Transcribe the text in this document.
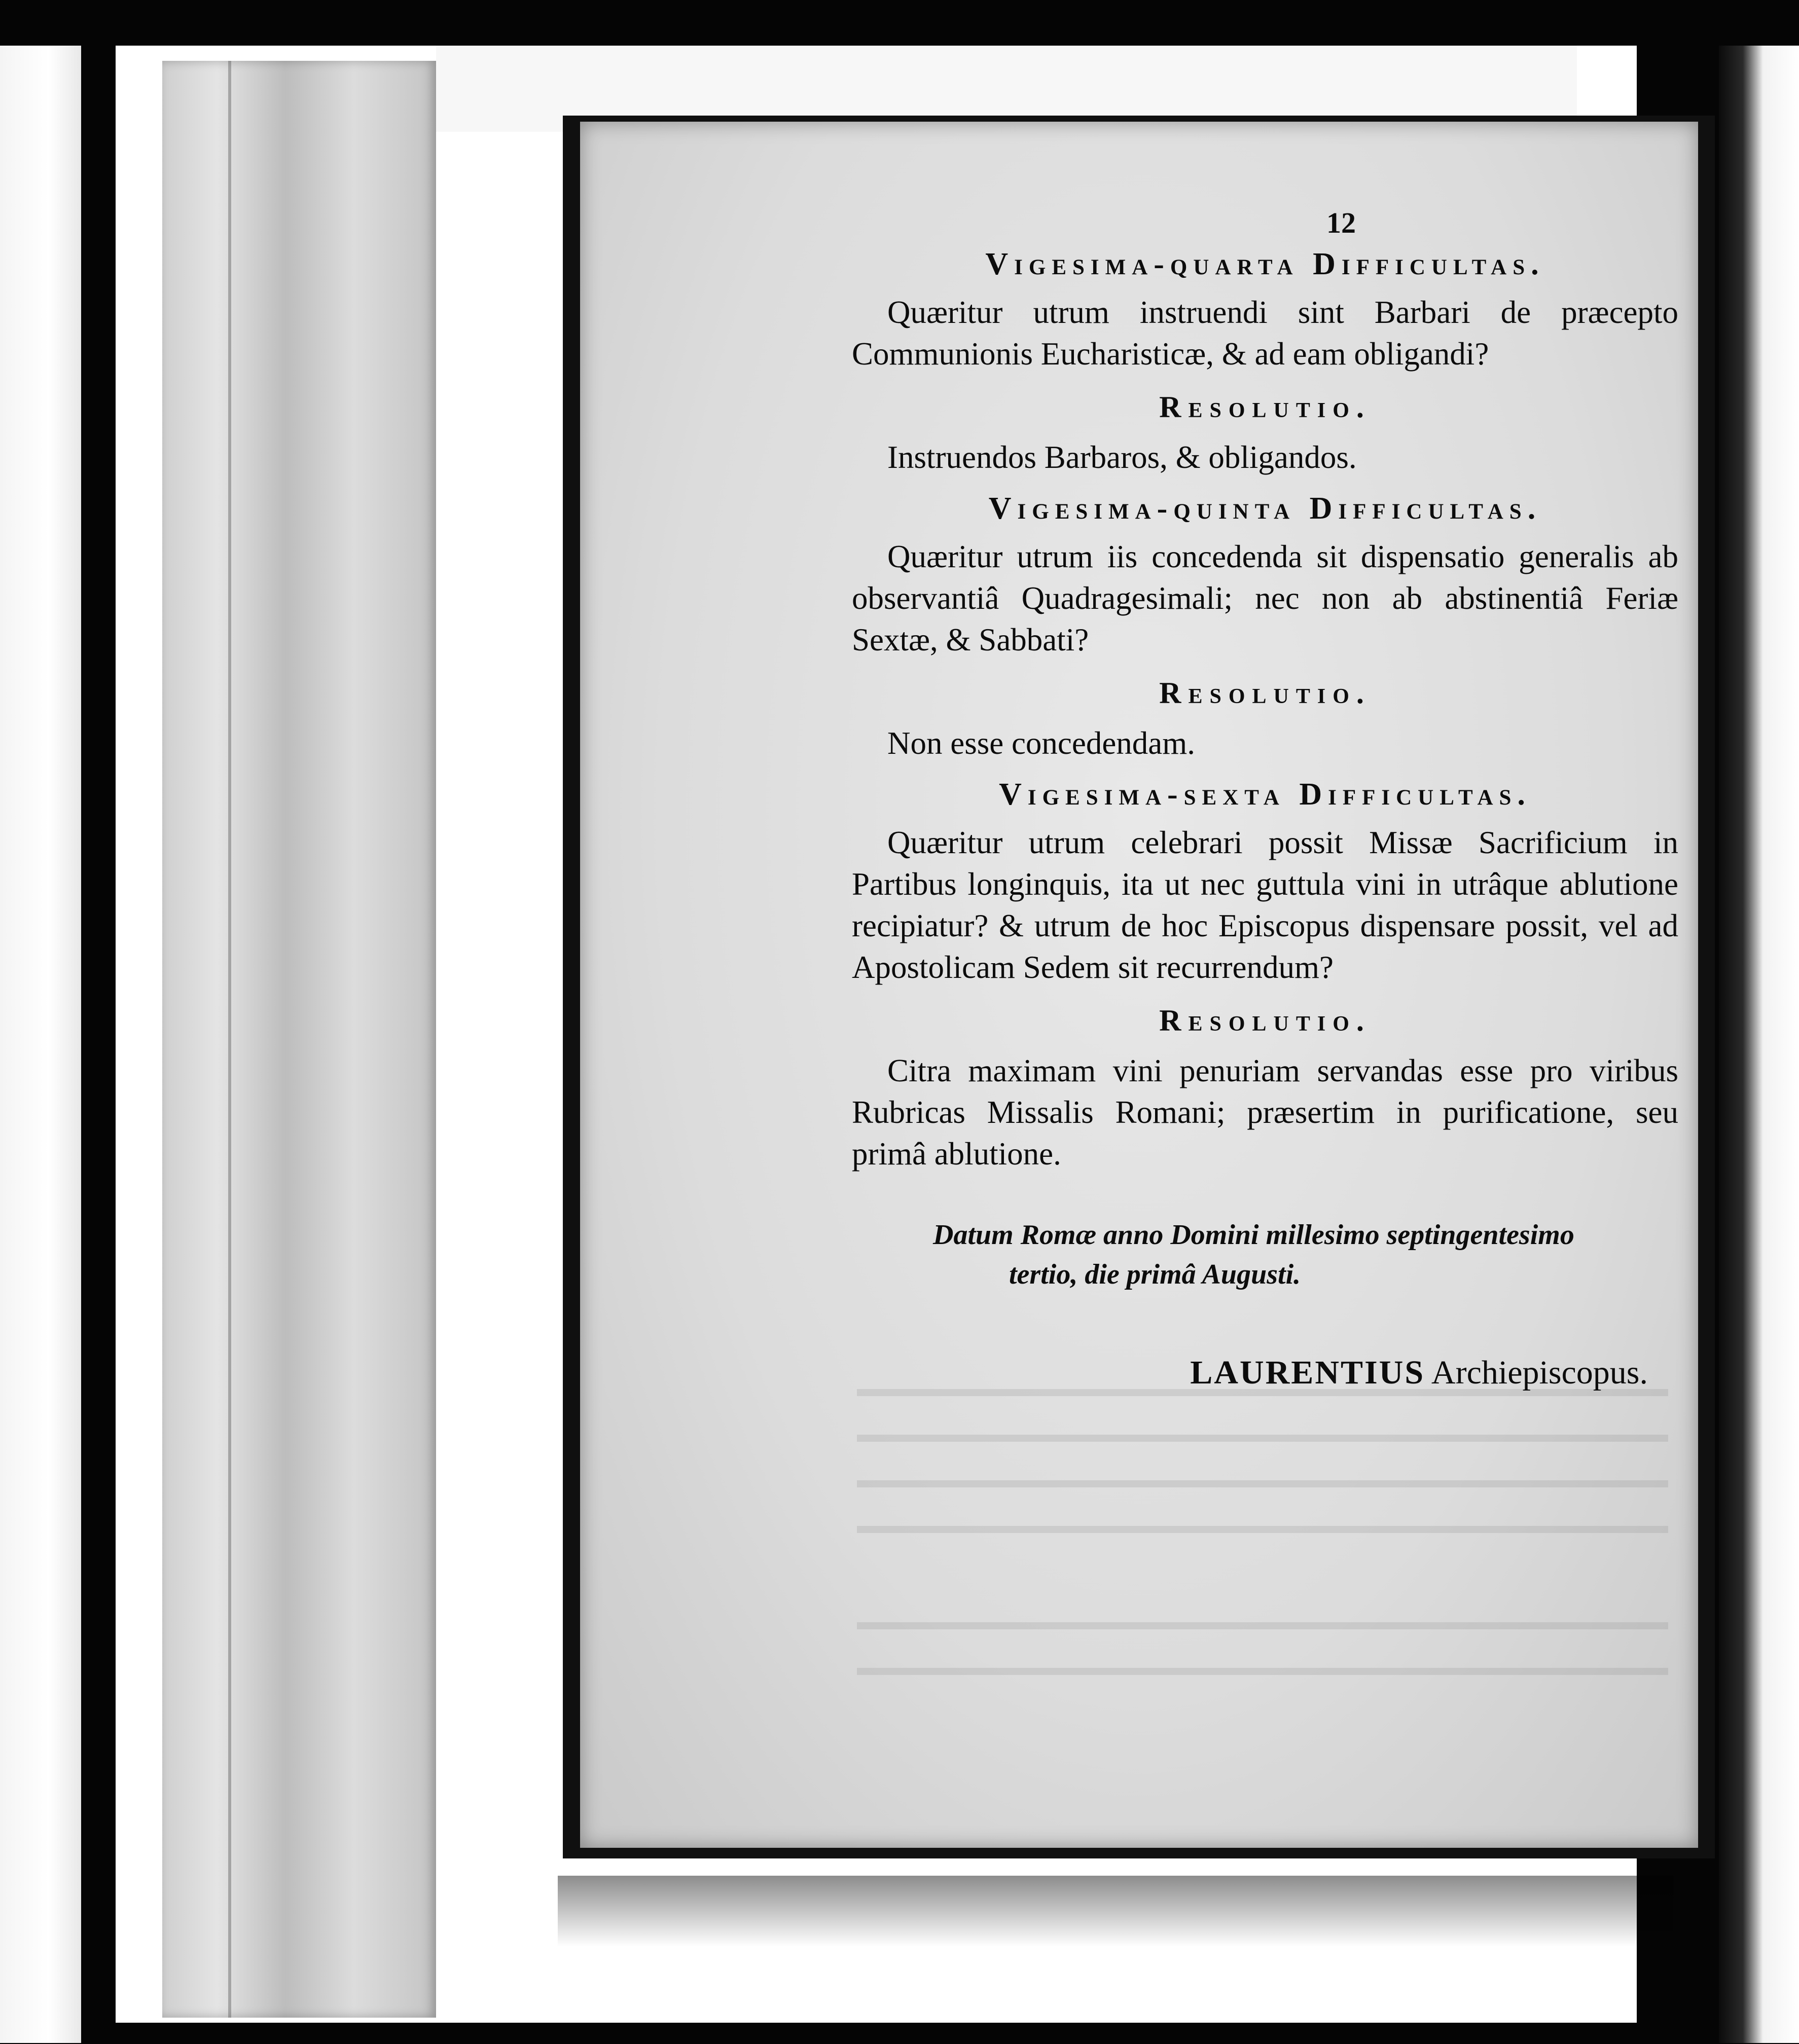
12
Vigesima-quarta Difficultas.

Quæritur utrum instruendi sint Barbari de præcepto Communionis Eucharisticæ, & ad eam obligandi?

Resolutio.

Instruendos Barbaros, & obligandos.

Vigesima-quinta Difficultas.

Quæritur utrum iis concedenda sit dispensatio generalis ab observantiâ Quadragesimali; nec non ab abstinentiâ Feriæ Sextæ, & Sabbati?

Resolutio.

Non esse concedendam.

Vigesima-sexta Difficultas.

Quæritur utrum celebrari possit Missæ Sacrificium in Partibus longinquis, ita ut nec guttula vini in utrâque ablutione recipiatur? & utrum de hoc Episcopus dispensare possit, vel ad Apostolicam Sedem sit recurrendum?

Resolutio.

Citra maximam vini penuriam servandas esse pro viribus Rubricas Missalis Romani; præsertim in purificatione, seu primâ ablutione.

Datum Romæ anno Domini millesimo septingentesimo
tertio, die primâ Augusti.

LAURENTIUS Archiepiscopus.
